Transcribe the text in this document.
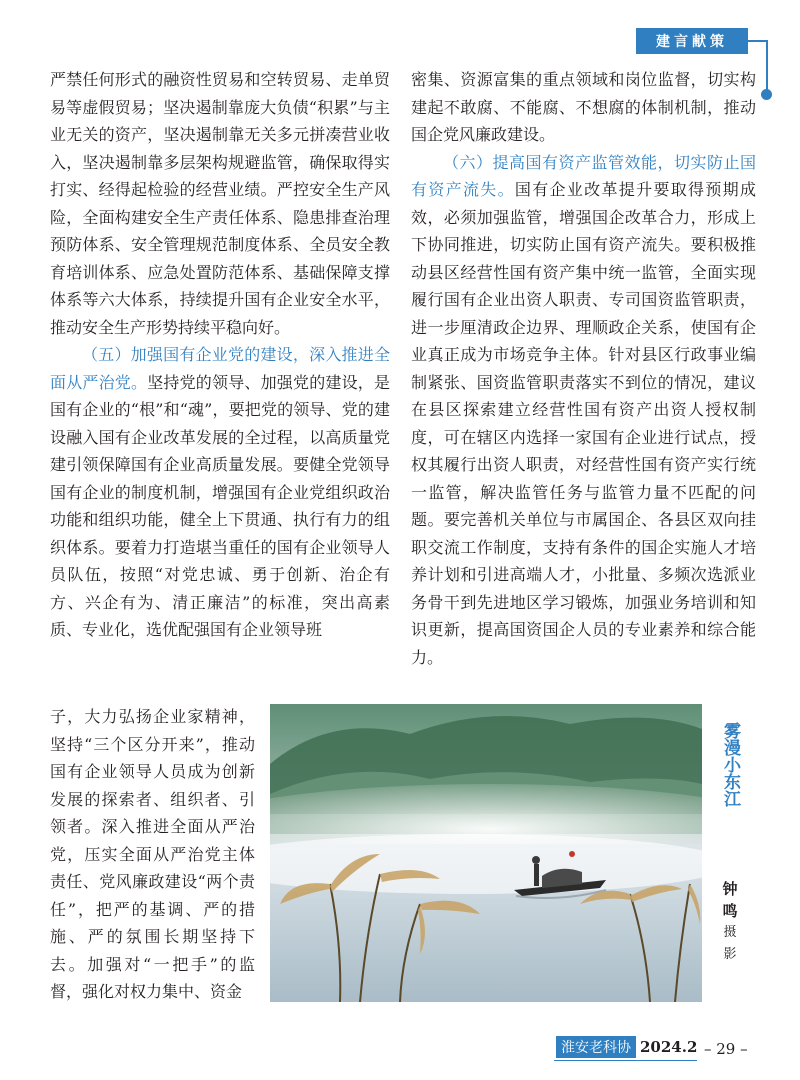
建言献策

严禁任何形式的融资性贸易和空转贸易、走单贸易等虚假贸易；坚决遏制靠庞大负债“积累”与主业无关的资产，坚决遏制靠无关多元拼凑营业收入，坚决遏制靠多层架构规避监管，确保取得实打实、经得起检验的经营业绩。严控安全生产风险，全面构建安全生产责任体系、隐患排查治理预防体系、安全管理规范制度体系、全员安全教育培训体系、应急处置防范体系、基础保障支撑体系等六大体系，持续提升国有企业安全水平，推动安全生产形势持续平稳向好。

（五）加强国有企业党的建设，深入推进全面从严治党。坚持党的领导、加强党的建设，是国有企业的“根”和“魂”，要把党的领导、党的建设融入国有企业改革发展的全过程，以高质量党建引领保障国有企业高质量发展。要健全党领导国有企业的制度机制，增强国有企业党组织政治功能和组织功能，健全上下贯通、执行有力的组织体系。要着力打造堪当重任的国有企业领导人员队伍，按照“对党忠诚、勇于创新、治企有方、兴企有为、清正廉洁”的标准，突出高素质、专业化，选优配强国有企业领导班

密集、资源富集的重点领域和岗位监督，切实构建起不敢腐、不能腐、不想腐的体制机制，推动国企党风廉政建设。

（六）提高国有资产监管效能，切实防止国有资产流失。国有企业改革提升要取得预期成效，必须加强监管，增强国企改革合力，形成上下协同推进，切实防止国有资产流失。要积极推动县区经营性国有资产集中统一监管，全面实现履行国有企业出资人职责、专司国资监管职责，进一步厘清政企边界、理顺政企关系，使国有企业真正成为市场竞争主体。针对县区行政事业编制紧张、国资监管职责落实不到位的情况，建议在县区探索建立经营性国有资产出资人授权制度，可在辖区内选择一家国有企业进行试点，授权其履行出资人职责，对经营性国有资产实行统一监管，解决监管任务与监管力量不匹配的问题。要完善机关单位与市属国企、各县区双向挂职交流工作制度，支持有条件的国企实施人才培养计划和引进高端人才，小批量、多频次选派业务骨干到先进地区学习锻炼，加强业务培训和知识更新，提高国资国企人员的专业素养和综合能力。

子，大力弘扬企业家精神，坚持“三个区分开来”，推动国有企业领导人员成为创新发展的探索者、组织者、引领者。深入推进全面从严治党，压实全面从严治党主体责任、党风廉政建设“两个责任”，把严的基调、严的措施、严的氛围长期坚持下去。加强对“一把手”的监督，强化对权力集中、资金

雾漫小东江
钟
鸣
摄
影
淮安老科协 2024.2 – 29 –
